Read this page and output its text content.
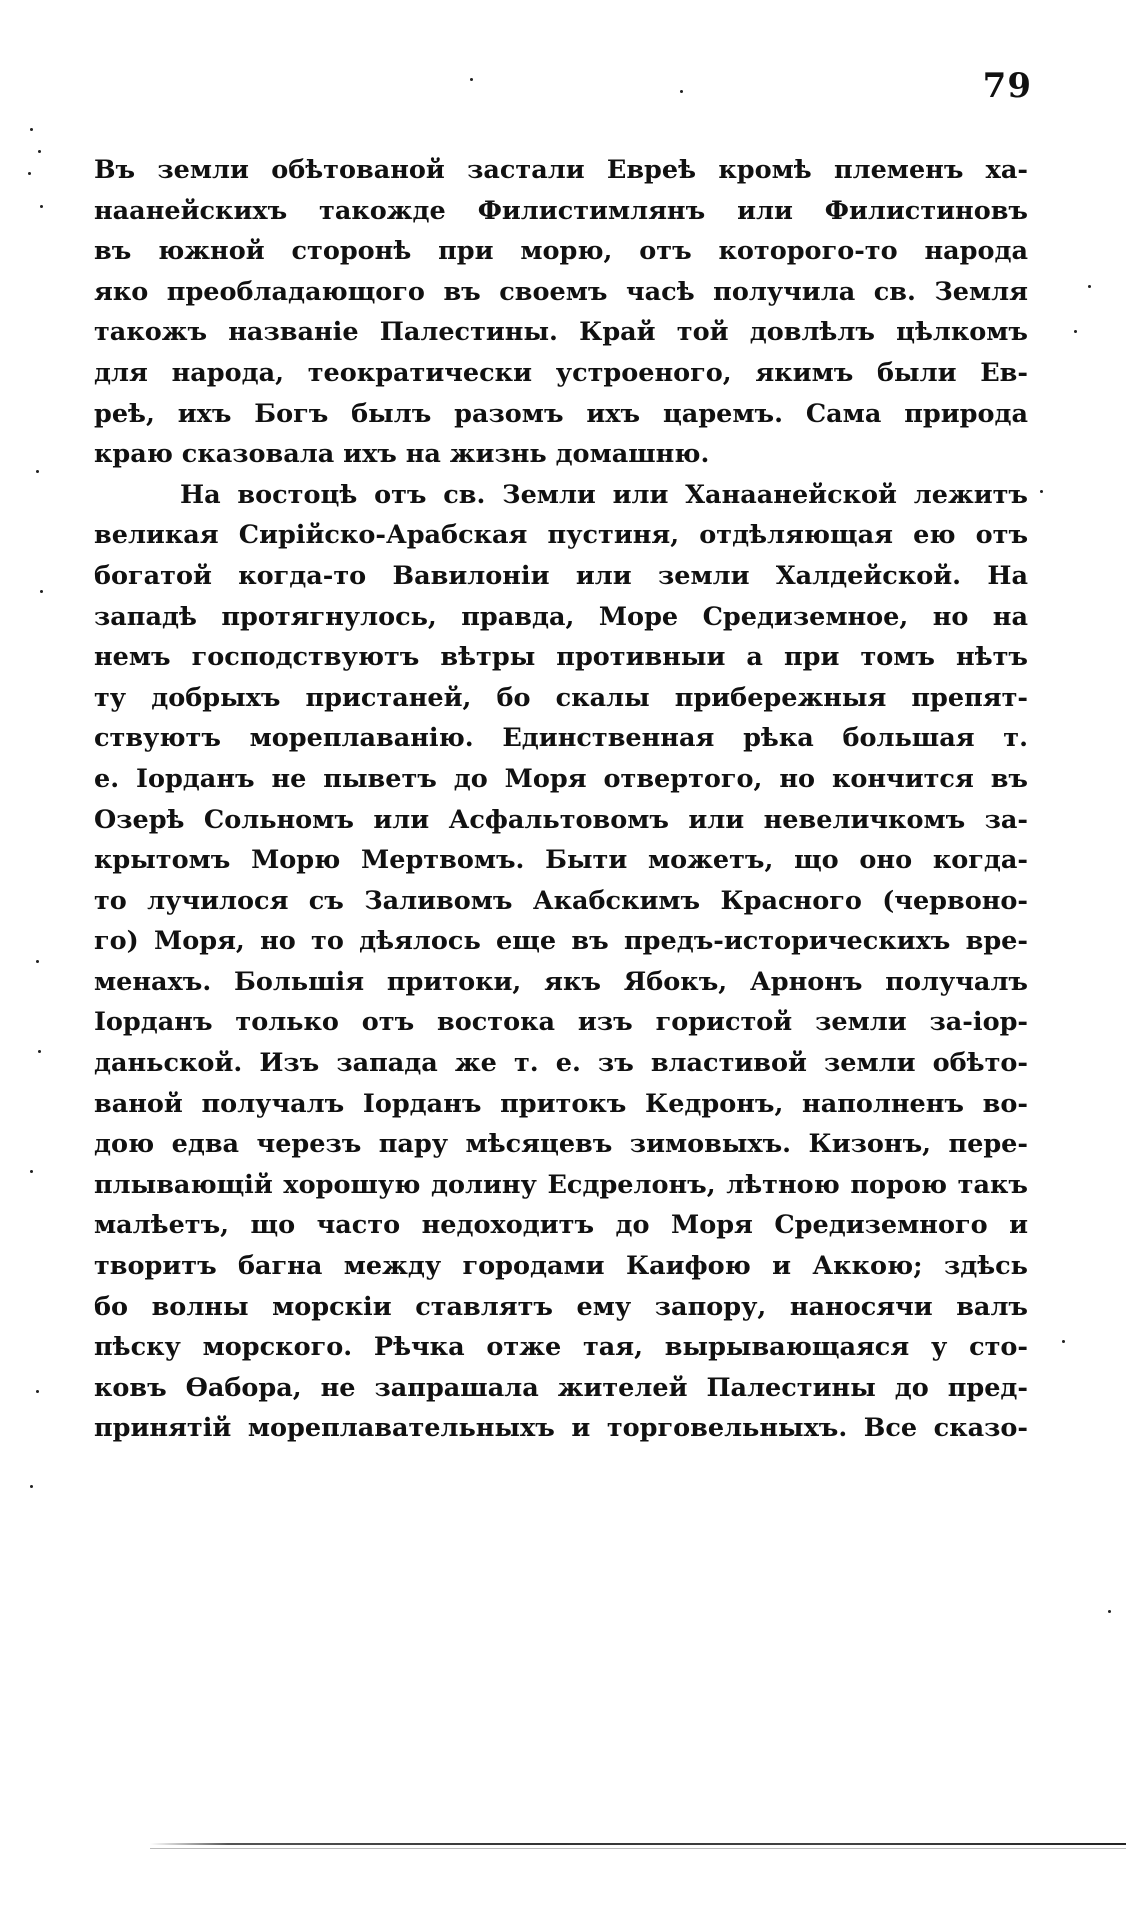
79
Въ земли обѣтованой застали Евреѣ кромѣ племенъ ха-
наанейскихъ такожде Филистимлянъ или Филистиновъ
въ южной сторонѣ при морю, отъ которого-то народа
яко преобладающого въ своемъ часѣ получила св. Земля
такожъ названіе Палестины. Край той довлѣлъ цѣлкомъ
для народа, теократически устроеного, якимъ были Ев-
реѣ, ихъ Богъ былъ разомъ ихъ царемъ. Сама природа
краю сказовала ихъ на жизнь домашню.
На востоцѣ отъ св. Земли или Ханаанейской лежитъ
великая Сирійско-Арабская пустиня, отдѣляющая ею отъ
богатой когда-то Вавилоніи или земли Халдейской. На
западѣ протягнулось, правда, Море Средиземное, но на
немъ господствуютъ вѣтры противныи а при томъ нѣтъ
ту добрыхъ пристаней, бо скалы прибережныя препят-
ствуютъ мореплаванію. Единственная рѣка большая т.
е. Іорданъ не пыветъ до Моря отвертого, но кончится въ
Озерѣ Сольномъ или Асфальтовомъ или невеличкомъ за-
крытомъ Морю Мертвомъ. Быти можетъ, що оно когда-
то лучилося съ Заливомъ Акабскимъ Красного (червоно-
го) Моря, но то дѣялось еще въ предъ-историческихъ вре-
менахъ. Большія притоки, якъ Ябокъ, Арнонъ получалъ
Іорданъ только отъ востока изъ гористой земли за-іор-
даньской. Изъ запада же т. е. зъ властивой земли обѣто-
ваной получалъ Іорданъ притокъ Кедронъ, наполненъ во-
дою едва черезъ пару мѣсяцевъ зимовыхъ. Кизонъ, пере-
плывающій хорошую долину Есдрелонъ, лѣтною порою такъ
малѣетъ, що часто недоходитъ до Моря Средиземного и
творитъ багна между городами Каифою и Аккою; здѣсь
бо волны морскіи ставлятъ ему запору, наносячи валъ
пѣску морского. Рѣчка отже тая, вырывающаяся у сто-
ковъ Ѳабора, не запрашала жителей Палестины до пред-
принятій мореплавательныхъ и торговельныхъ. Все сказо-
